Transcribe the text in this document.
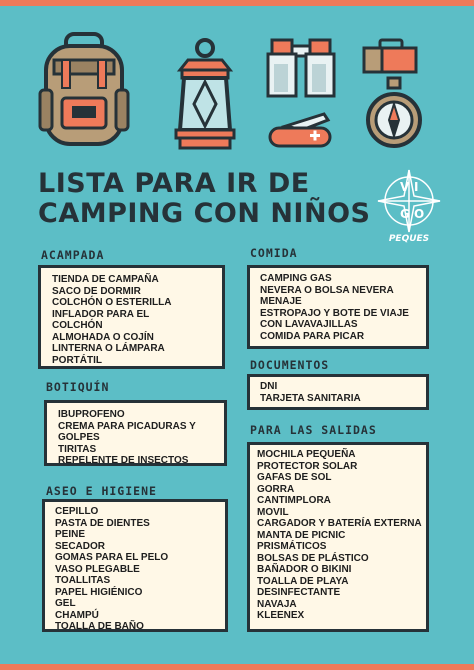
LISTA PARA IR DE
CAMPING CON NIÑOS
V I
G O
PEQUES
ACAMPADA
TIENDA DE CAMPAÑA
SACO DE DORMIR
COLCHÓN O ESTERILLA
INFLADOR PARA EL
COLCHÓN
ALMOHADA O COJÍN
LINTERNA O LÁMPARA
PORTÁTIL
BOTIQUÍN
IBUPROFENO
CREMA PARA PICADURAS Y
GOLPES
TIRITAS
REPELENTE DE INSECTOS
ASEO E HIGIENE
CEPILLO
PASTA DE DIENTES
PEINE
SECADOR
GOMAS PARA EL PELO
VASO PLEGABLE
TOALLITAS
PAPEL HIGIÉNICO
GEL
CHAMPÚ
TOALLA DE BAÑO
COMIDA
CAMPING GAS
NEVERA O BOLSA NEVERA
MENAJE
ESTROPAJO Y BOTE DE VIAJE
CON LAVAVAJILLAS
COMIDA PARA PICAR
DOCUMENTOS
DNI
TARJETA SANITARIA
PARA LAS SALIDAS
MOCHILA PEQUEÑA
PROTECTOR SOLAR
GAFAS DE SOL
GORRA
CANTIMPLORA
MOVIL
CARGADOR Y BATERÍA EXTERNA
MANTA DE PICNIC
PRISMÁTICOS
BOLSAS DE PLÁSTICO
BAÑADOR O BIKINI
TOALLA DE PLAYA
DESINFECTANTE
NAVAJA
KLEENEX
